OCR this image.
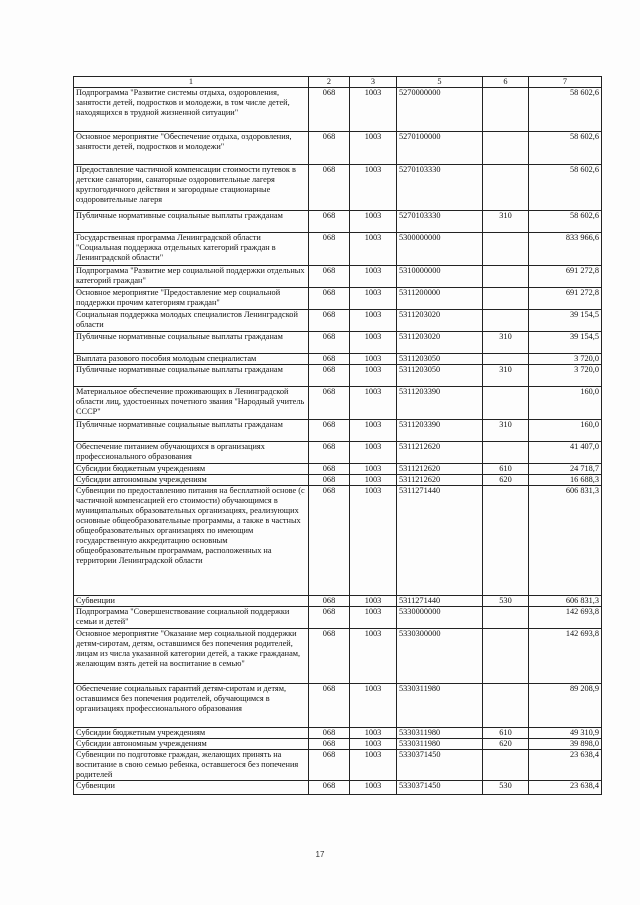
1	2	3	5	6	7
Подпрограмма "Развитие системы отдыха, оздоровления, занятости детей, подростков и молодежи, в том числе детей, находящихся в трудной жизненной ситуации"	068	1003	5270000000		58 602,6
Основное мероприятие "Обеспечение отдыха, оздоровления, занятости детей, подростков и молодежи"	068	1003	5270100000		58 602,6
Предоставление частичной компенсации стоимости путевок в детские санатории, санаторные оздоровительные лагеря круглогодичного действия и загородные стационарные оздоровительные лагеря	068	1003	5270103330		58 602,6
Публичные нормативные социальные выплаты гражданам	068	1003	5270103330	310	58 602,6
Государственная программа Ленинградской области "Социальная поддержка отдельных категорий граждан в Ленинградской области"	068	1003	5300000000		833 966,6
Подпрограмма "Развитие мер социальной поддержки отдельных категорий граждан"	068	1003	5310000000		691 272,8
Основное мероприятие "Предоставление мер социальной поддержки прочим категориям граждан"	068	1003	5311200000		691 272,8
Социальная поддержка молодых специалистов Ленинградской области	068	1003	5311203020		39 154,5
Публичные нормативные социальные выплаты гражданам	068	1003	5311203020	310	39 154,5
Выплата разового пособия молодым специалистам	068	1003	5311203050		3 720,0
Публичные нормативные социальные выплаты гражданам	068	1003	5311203050	310	3 720,0
Материальное обеспечение проживающих в Ленинградской области лиц, удостоенных почетного звания "Народный учитель СССР"	068	1003	5311203390		160,0
Публичные нормативные социальные выплаты гражданам	068	1003	5311203390	310	160,0
Обеспечение питанием обучающихся в организациях профессионального образования	068	1003	5311212620		41 407,0
Субсидии бюджетным учреждениям	068	1003	5311212620	610	24 718,7
Субсидии автономным учреждениям	068	1003	5311212620	620	16 688,3
Субвенции по предоставлению питания на бесплатной основе (с частичной компенсацией его стоимости) обучающимся в муниципальных образовательных организациях, реализующих основные общеобразовательные программы, а также в частных общеобразовательных организациях по имеющим государственную аккредитацию основным общеобразовательным программам, расположенных на территории Ленинградской области	068	1003	5311271440		606 831,3
Субвенции	068	1003	5311271440	530	606 831,3
Подпрограмма "Совершенствование социальной поддержки семьи и детей"	068	1003	5330000000		142 693,8
Основное мероприятие "Оказание мер социальной поддержки детям-сиротам, детям, оставшимся без попечения родителей, лицам из числа указанной категории детей, а также гражданам, желающим взять детей на воспитание в семью"	068	1003	5330300000		142 693,8
Обеспечение социальных гарантий детям-сиротам и детям, оставшимся без попечения родителей, обучающимся в организациях профессионального образования	068	1003	5330311980		89 208,9
Субсидии бюджетным учреждениям	068	1003	5330311980	610	49 310,9
Субсидии автономным учреждениям	068	1003	5330311980	620	39 898,0
Субвенции по подготовке граждан, желающих принять на воспитание в свою семью ребенка, оставшегося без попечения родителей	068	1003	5330371450		23 638,4
Субвенции	068	1003	5330371450	530	23 638,4
17
